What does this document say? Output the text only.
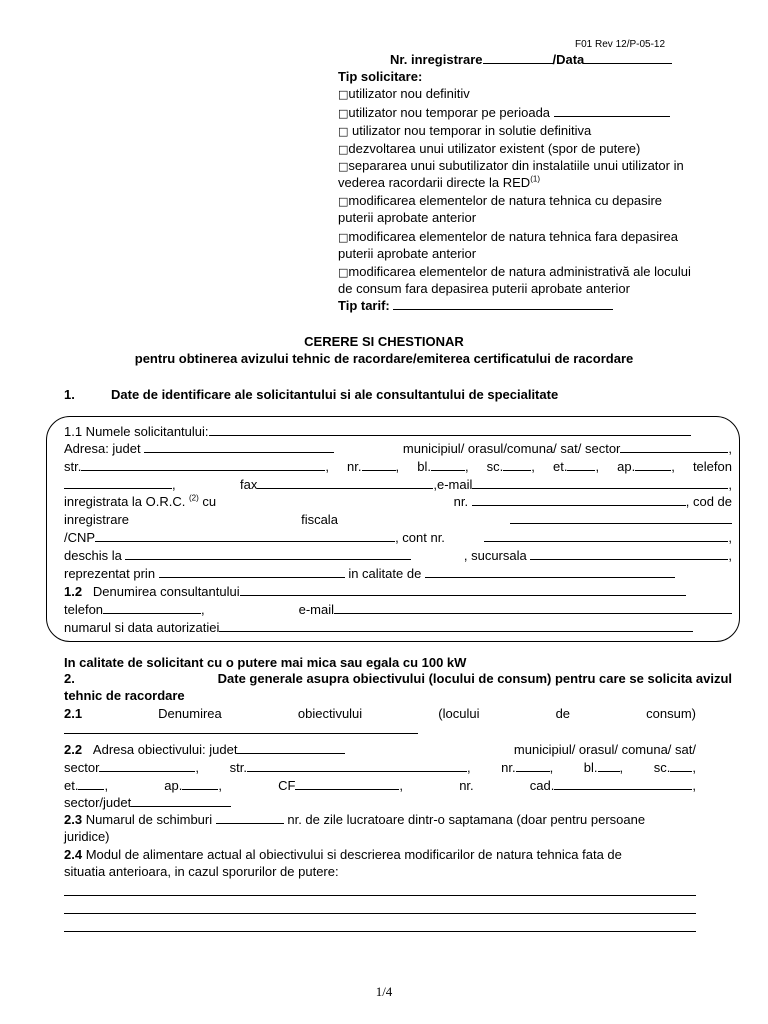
F01 Rev 12/P-05-12
Nr. inregistrare	/Data
Tip solicitare:
□utilizator nou definitiv
□utilizator nou temporar pe perioada
□ utilizator nou temporar in solutie definitiva
□dezvoltarea unui utilizator existent (spor de putere)
□separarea unui subutilizator din instalatiile unui utilizator in
vederea racordarii directe la RED$^{(1)}$
□modificarea elementelor de natura tehnica cu depasire
puterii aprobate anterior
□modificarea elementelor de natura tehnica fara depasirea
puterii aprobate anterior
□modificarea elementelor de natura administrativă ale locului
de consum fara depasirea puterii aprobate anterior
Tip tarif:
CERERE SI CHESTIONAR
pentru obtinerea avizului tehnic de racordare/emiterea certificatului de racordare
1.	Date de identificare ale solicitantului si ale consultantului de specialitate
1.1 Numele solicitantului:
Adresa: judet	municipiul/ orasul/comuna/ sat/ sector	,
str.	, nr.	, bl.	, sc. , et. , ap.	, telefon
,	fax	,e-mail	,
inregistrata la O.R.C. $^{(2)}$ cu	nr.	, cod de
inregistrare	fiscala
/CNP	, cont nr.	,
deschis la	, sucursala	,
reprezentat prin	in calitate de
1.2 Denumirea consultantului
telefon	,	e-mail
numarul si data autorizatiei
In calitate de solicitant cu o putere mai mica sau egala cu 100 kW
2.	Date generale asupra obiectivului (locului de consum) pentru care se solicita avizul
tehnic de racordare
2.1	Denumirea	obiectivului	(locului	de	consum)
2.2 Adresa obiectivului: judet	municipiul/ orasul/ comuna/ sat/
sector	, str.	, nr.	, bl. , sc. ,
et. ,	ap.	,	CF	,	nr.	cad.	,
sector/judet
2.3 Numarul de schimburi	nr. de zile lucratoare dintr-o saptamana (doar pentru persoane
juridice)
2.4 Modul de alimentare actual al obiectivului si descrierea modificarilor de natura tehnica fata de
situatia anterioara, in cazul sporurilor de putere:
1/4
